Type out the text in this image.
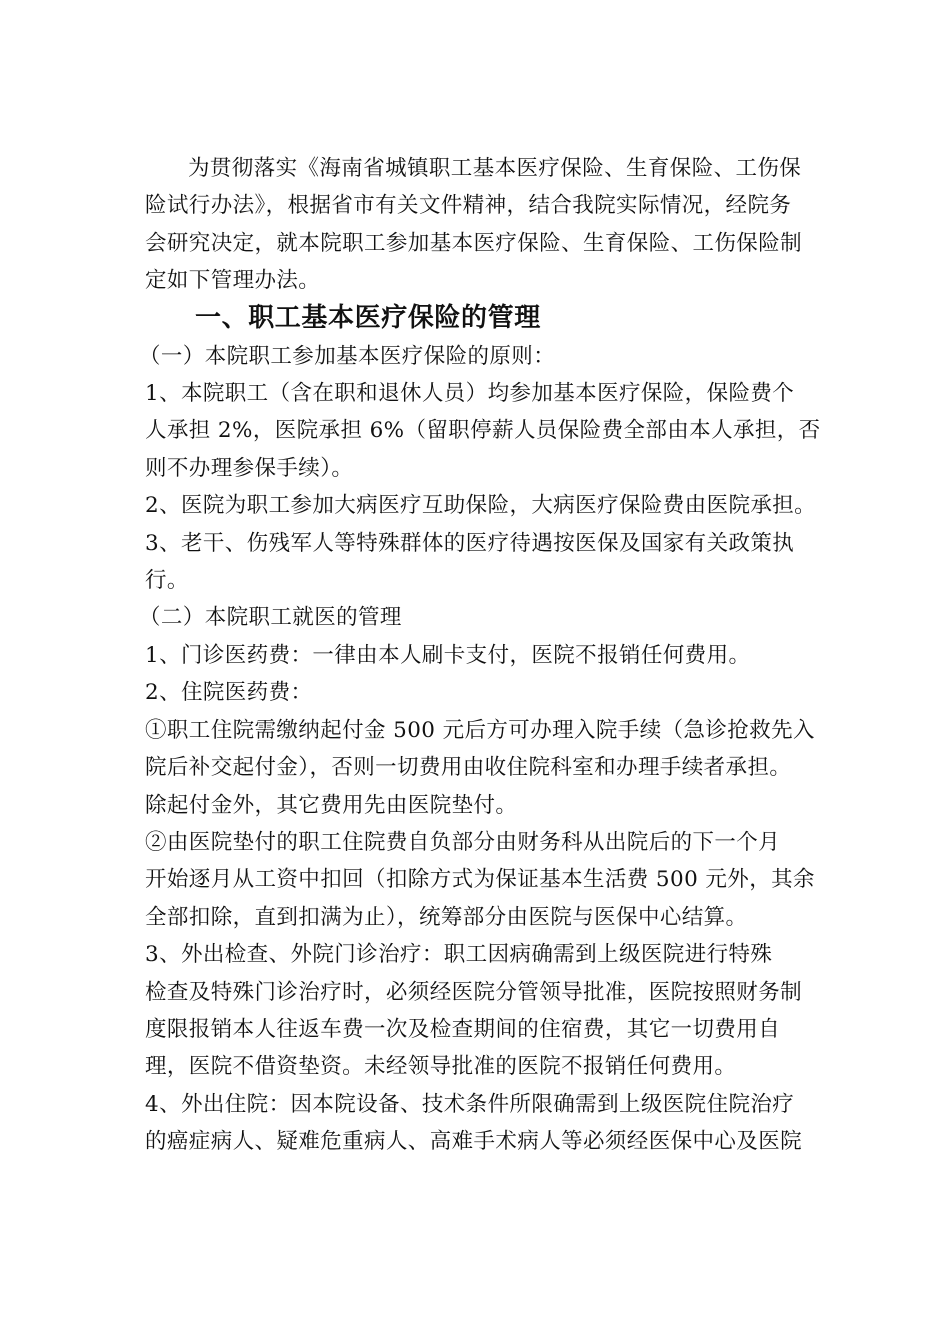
为贯彻落实《海南省城镇职工基本医疗保险、生育保险、工伤保
险试行办法》，根据省市有关文件精神，结合我院实际情况，经院务
会研究决定，就本院职工参加基本医疗保险、生育保险、工伤保险制
定如下管理办法。
一、职工基本医疗保险的管理
（一）本院职工参加基本医疗保险的原则：
1、本院职工（含在职和退休人员）均参加基本医疗保险，保险费个
人承担 2%，医院承担 6%（留职停薪人员保险费全部由本人承担，否
则不办理参保手续）。
2、医院为职工参加大病医疗互助保险，大病医疗保险费由医院承担。
3、老干、伤残军人等特殊群体的医疗待遇按医保及国家有关政策执
行。
（二）本院职工就医的管理
1、门诊医药费：一律由本人刷卡支付，医院不报销任何费用。
2、住院医药费：
①职工住院需缴纳起付金 500 元后方可办理入院手续（急诊抢救先入
院后补交起付金），否则一切费用由收住院科室和办理手续者承担。
除起付金外，其它费用先由医院垫付。
②由医院垫付的职工住院费自负部分由财务科从出院后的下一个月
开始逐月从工资中扣回（扣除方式为保证基本生活费 500 元外，其余
全部扣除，直到扣满为止），统筹部分由医院与医保中心结算。
3、外出检查、外院门诊治疗：职工因病确需到上级医院进行特殊
检查及特殊门诊治疗时，必须经医院分管领导批准，医院按照财务制
度限报销本人往返车费一次及检查期间的住宿费，其它一切费用自
理，医院不借资垫资。未经领导批准的医院不报销任何费用。
4、外出住院：因本院设备、技术条件所限确需到上级医院住院治疗
的癌症病人、疑难危重病人、高难手术病人等必须经医保中心及医院
